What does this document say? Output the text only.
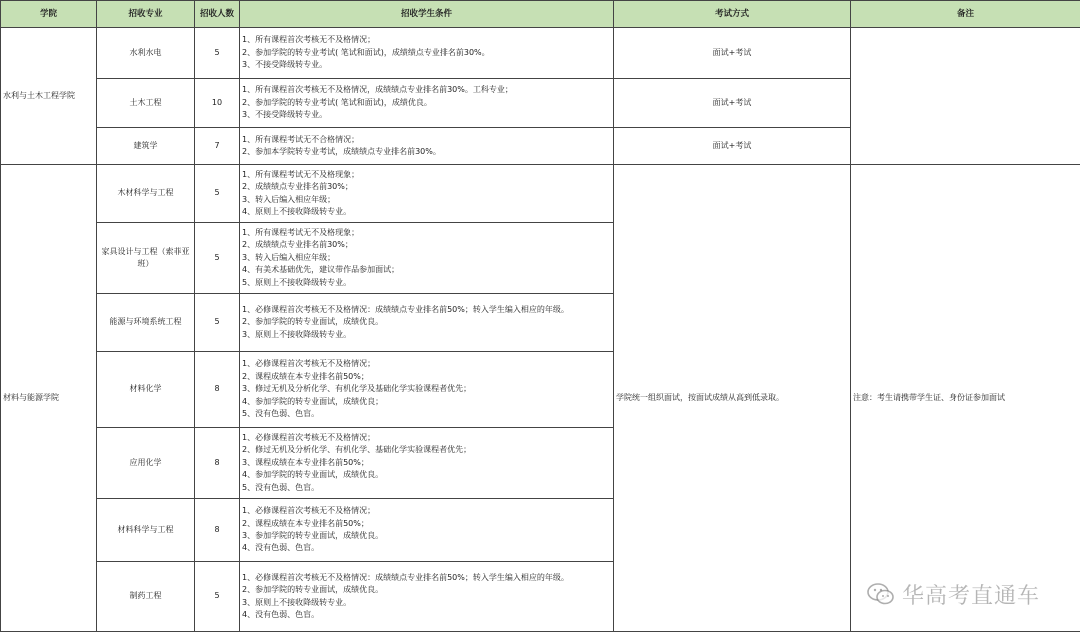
学院	招收专业	招收人数	招收学生条件	考试方式	备注
水利与土木工程学院	水利水电	5	1、所有课程首次考核无不及格情况；
2、参加学院的转专业考试( 笔试和面试)，成绩绩点专业排名前30%。
3、不接受降级转专业。	面试+考试	
	土木工程	10	1、所有课程首次考核无不及格情况，成绩绩点专业排名前30%。工科专业；
2、参加学院的转专业考试( 笔试和面试)，成绩优良。
3、不接受降级转专业。	面试+考试	
	建筑学	7	1、所有课程考试无不合格情况；
2、参加本学院转专业考试，成绩绩点专业排名前30%。	面试+考试	
材料与能源学院	木材科学与工程	5	1、所有课程考试无不及格现象；
2、成绩绩点专业排名前30%；
3、转入后编入相应年级；
4、原则上不接收降级转专业。	学院统一组织面试，按面试成绩从高到低录取。	注意：考生请携带学生证、身份证参加面试
	家具设计与工程（索菲亚班）	5	1、所有课程考试无不及格现象；
2、成绩绩点专业排名前30%；
3、转入后编入相应年级；
4、有美术基础优先，建议带作品参加面试；
5、原则上不接收降级转专业。		

	能源与环境系统工程	5	1、必修课程首次考核无不及格情况：成绩绩点专业排名前50%；转入学生编入相应的年级。
2、参加学院的转专业面试，成绩优良。
3、原则上不接收降级转专业。		

	材料化学	8	1、必修课程首次考核无不及格情况；
2、课程成绩在本专业排名前50%；
3、修过无机及分析化学、有机化学及基础化学实验课程者优先；
4、参加学院的转专业面试，成绩优良；
5、没有色弱、色盲。		

	应用化学	8	1、必修课程首次考核无不及格情况；
2、修过无机及分析化学、有机化学、基础化学实验课程者优先；
3、课程成绩在本专业排名前50%；
4、参加学院的转专业面试，成绩优良。
5、没有色弱、色盲。		

	材料科学与工程	8	1、必修课程首次考核无不及格情况；
2、课程成绩在本专业排名前50%；
3、参加学院的转专业面试，成绩优良。
4、没有色弱、色盲。		

	制药工程	5	1、必修课程首次考核无不及格情况：成绩绩点专业排名前50%；转入学生编入相应的年级。
2、参加学院的转专业面试，成绩优良。
3、原则上不接收降级转专业。
4、没有色弱、色盲。		
华高考直通车
